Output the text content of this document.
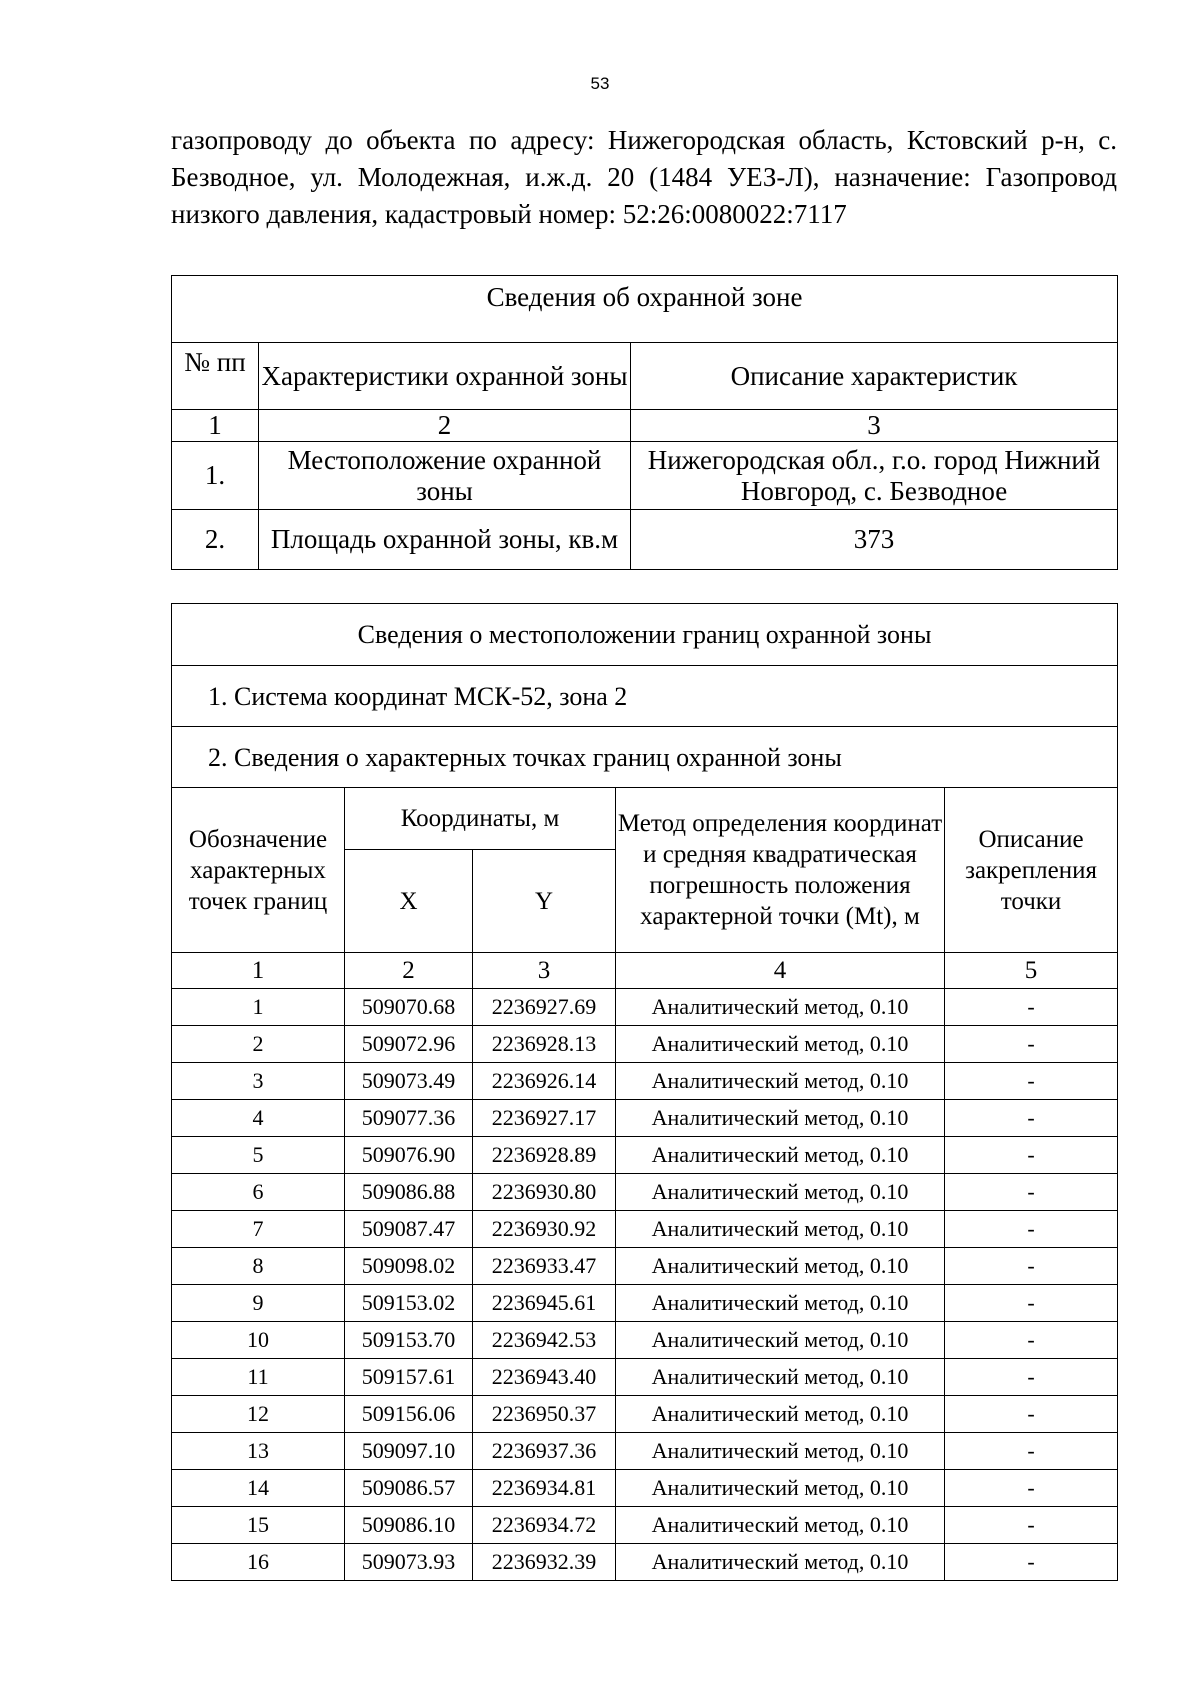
53

газопроводу до объекта по адресу: Нижегородская область, Кстовский р-н, с.
Безводное, ул. Молодежная, и.ж.д. 20 (1484 УЕЗ-Л), назначение: Газопровод
низкого давления, кадастровый номер: 52:26:0080022:7117

Сведения об охранной зоне		
№ пп	Характеристики охранной зоны	Описание характеристик
1	2	3
1.	Местоположение охранной зоны	Нижегородская обл., г.о. город Нижний Новгород, с. Безводное
2.	Площадь охранной зоны, кв.м	373
Сведения о местоположении границ охранной зоны				
1. Система координат МСК-52, зона 2				
2. Сведения о характерных точках границ охранной зоны				
Обозначение характерных точек границ	Координаты, м		Метод определения координат и средняя квадратическая погрешность положения характерной точки (Mt), м	Описание закрепления точки
	X	Y		
1	2	3	4	5
1	509070.68	2236927.69	Аналитический метод, 0.10	-
2	509072.96	2236928.13	Аналитический метод, 0.10	-
3	509073.49	2236926.14	Аналитический метод, 0.10	-
4	509077.36	2236927.17	Аналитический метод, 0.10	-
5	509076.90	2236928.89	Аналитический метод, 0.10	-
6	509086.88	2236930.80	Аналитический метод, 0.10	-
7	509087.47	2236930.92	Аналитический метод, 0.10	-
8	509098.02	2236933.47	Аналитический метод, 0.10	-
9	509153.02	2236945.61	Аналитический метод, 0.10	-
10	509153.70	2236942.53	Аналитический метод, 0.10	-
11	509157.61	2236943.40	Аналитический метод, 0.10	-
12	509156.06	2236950.37	Аналитический метод, 0.10	-
13	509097.10	2236937.36	Аналитический метод, 0.10	-
14	509086.57	2236934.81	Аналитический метод, 0.10	-
15	509086.10	2236934.72	Аналитический метод, 0.10	-
16	509073.93	2236932.39	Аналитический метод, 0.10	-
